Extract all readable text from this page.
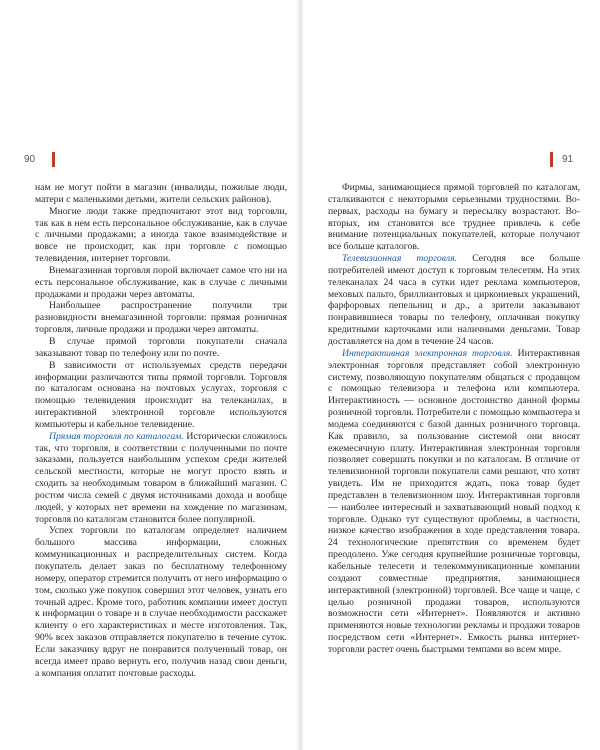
90	91

нам не могут пойти в магазин (инвалиды, пожилые люди, матери с маленькими детьми, жители сельских районов).

Многие люди также предпочитают этот вид торговли, так как в нем есть персональное обслуживание, как в случае с личными продажами; а иногда такое взаимодействие и вовсе не происходит, как при торговле с помощью телевидения, интернет торговли.

Внемагазинная торговля порой включает самое что ни на есть персональное обслуживание, как в случае с личными продажами и продажи через автоматы.

Наибольшее распространение получили три разновидности внемагазинной торговли: прямая розничная торговля, личные продажи и продажи через автоматы.

В случае прямой торговли покупатели сначала заказывают товар по телефону или по почте.

В зависимости от используемых средств передачи информации различаются типы прямой торговли. Торговля по каталогам основана на почтовых услугах, торговля с помощью телевидения происходит на телеканалах, в интерактивной электронной торговле используются компьютеры и кабельное телевидение.

Прямая торговля по каталогам. Исторически сложилось так, что торговля, в соответствии с полученными по почте заказами, пользуется наибольшим успехом среди жителей сельской местности, которые не могут просто взять и сходить за необходимым товаром в ближайший магазин. С ростом числа семей с двумя источниками дохода и вообще людей, у которых нет времени на хождение по магазинам, торговля по каталогам становится более популярной.

Успех торговли по каталогам определяет наличием большого массива информации, сложных коммуникационных и распределительных систем. Когда покупатель делает заказ по бесплатному телефонному номеру, оператор стремится получить от него информацию о том, сколько уже покупок совершил этот человек, узнать его точный адрес. Кроме того, работник компании имеет доступ к информации о товаре и в случае необходимости расскажет клиенту о его характеристиках и месте изготовления. Так, 90% всех заказов отправляется покупателю в течение суток. Если заказчику вдруг не понравится полученный товар, он всегда имеет право вернуть его, получив назад свои деньги, а компания оплатит почтовые расходы.

Фирмы, занимающиеся прямой торговлей по каталогам, сталкиваются с некоторыми серьезными трудностями. Во-первых, расходы на бумагу и пересылку возрастают. Во-вторых, им становится все труднее привлечь к себе внимание потенциальных покупателей, которые получают все больше каталогов.

Телевизионная торговля. Сегодня все больше потребителей имеют доступ к торговым телесетям. На этих телеканалах 24 часа в сутки идет реклама компьютеров, меховых пальто, бриллиантовых и циркониевых украшений, фарфоровых пепельниц и др., а зрители заказывают понравившиеся товары по телефону, оплачивая покупку кредитными карточками или наличными деньгами. Товар доставляется на дом в течение 24 часов.

Интерактивная электронная торговля. Интерактивная электронная торговля представляет собой электронную систему, позволяющую покупателям общаться с продавцом с помощью телевизора и телефона или компьютера. Интерактивность — основное достоинство данной формы розничной торговли. Потребители с помощью компьютера и модема соединяются с базой данных розничного торговца. Как правило, за пользование системой они вносят ежемесячную плату. Интерактивная электронная торговля позволяет совершать покупки и по каталогам. В отличие от телевизионной торговли покупатели сами решают, что хотят увидеть. Им не приходится ждать, пока товар будет представлен в телевизионном шоу. Интерактивная торговля — наиболее интересный и захватывающий новый подход к торговле. Однако тут существуют проблемы, в частности, низкое качество изображения в ходе представления товара. 24 технологические препятствия со временем будет преодолено. Уже сегодня крупнейшие розничные торговцы, кабельные телесети и телекоммуникационные компании создают совместные предприятия, занимающиеся интерактивной (электронной) торговлей. Все чаще и чаще, с целью розничной продажи товаров, используются возможности сети «Интернет». Появляются и активно применяются новые технологии рекламы и продажи товаров посредством сети «Интернет». Емкость рынка интернет-торговли растет очень быстрыми темпами во всем мире.
